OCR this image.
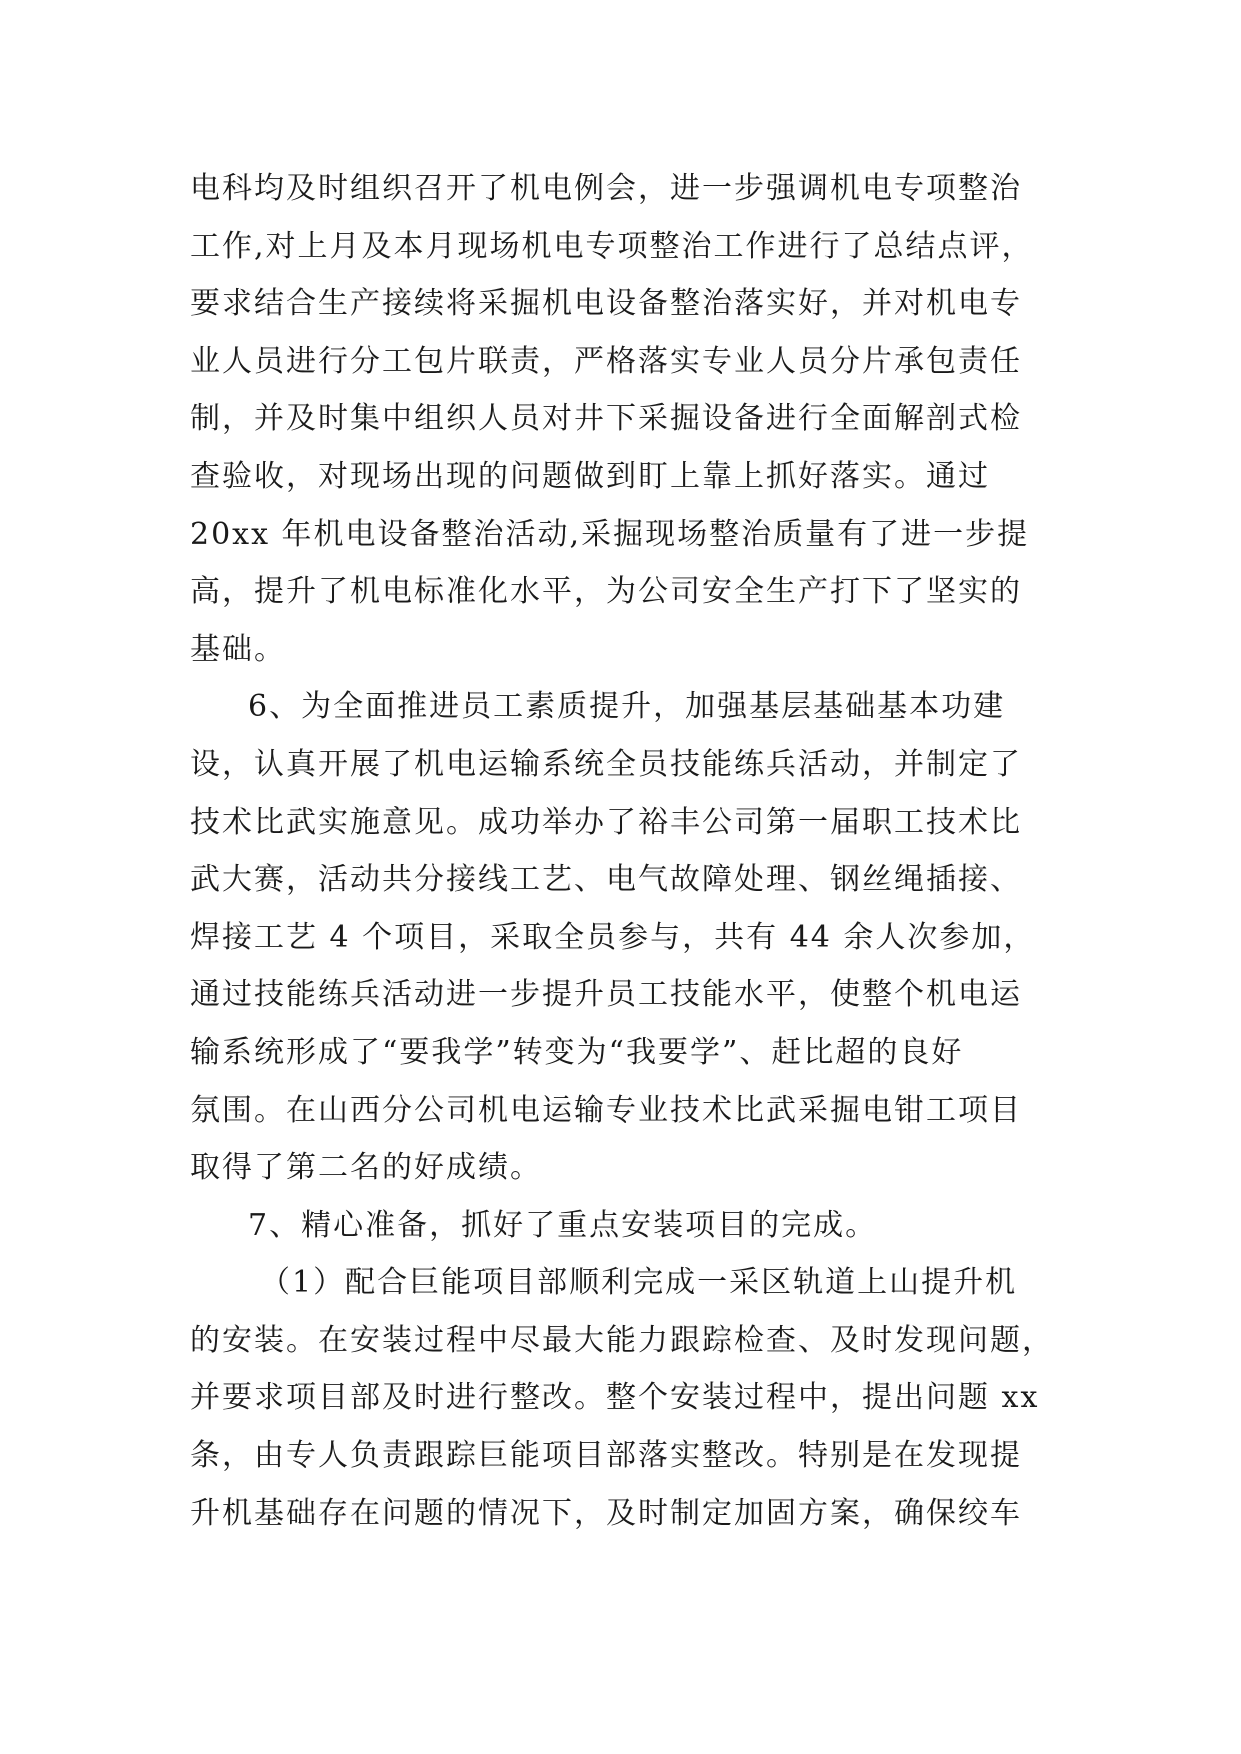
电科均及时组织召开了机电例会，进一步强调机电专项整治
工作,对上月及本月现场机电专项整治工作进行了总结点评，
要求结合生产接续将采掘机电设备整治落实好，并对机电专
业人员进行分工包片联责，严格落实专业人员分片承包责任
制，并及时集中组织人员对井下采掘设备进行全面解剖式检
查验收，对现场出现的问题做到盯上靠上抓好落实。通过
20xx 年机电设备整治活动,采掘现场整治质量有了进一步提
高，提升了机电标准化水平，为公司安全生产打下了坚实的
基础。
6、为全面推进员工素质提升，加强基层基础基本功建
设，认真开展了机电运输系统全员技能练兵活动，并制定了
技术比武实施意见。成功举办了裕丰公司第一届职工技术比
武大赛，活动共分接线工艺、电气故障处理、钢丝绳插接、
焊接工艺 4 个项目，采取全员参与，共有 44 余人次参加，
通过技能练兵活动进一步提升员工技能水平，使整个机电运
输系统形成了“要我学”转变为“我要学”、赶比超的良好
氛围。在山西分公司机电运输专业技术比武采掘电钳工项目
取得了第二名的好成绩。
7、精心准备，抓好了重点安装项目的完成。
（1）配合巨能项目部顺利完成一采区轨道上山提升机
的安装。在安装过程中尽最大能力跟踪检查、及时发现问题，
并要求项目部及时进行整改。整个安装过程中，提出问题 xx
条，由专人负责跟踪巨能项目部落实整改。特别是在发现提
升机基础存在问题的情况下，及时制定加固方案，确保绞车
